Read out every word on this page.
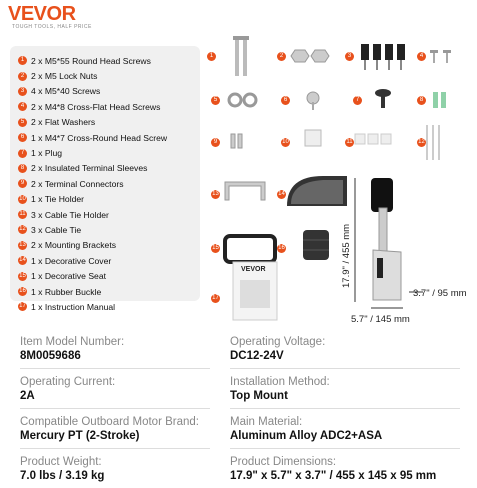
VEVOR
TOUGH TOOLS, HALF PRICE
1 2 x M5*55 Round Head Screws
2 2 x M5 Lock Nuts
3 4 x M5*40 Screws
4 2 x M4*8 Cross-Flat Head Screws
5 2 x Flat Washers
6 1 x M4*7 Cross-Round Head Screw
7 1 x Plug
8 2 x Insulated Terminal Sleeves
9 2 x Terminal Connectors
10 1 x Tie Holder
11 3 x Cable Tie Holder
12 3 x Cable Tie
13 2 x Mounting Brackets
14 1 x Decorative Cover
15 1 x Decorative Seat
16 1 x Rubber Buckle
17 1 x Instruction Manual
1	2	3	4
5	6	7	8
9	10	11	12
13	14
15	16
17
VEVOR	17.9" / 455 mm
3.7" / 95 mm
5.7" / 145 mm
Item Model Number:
8M0059686
Operating Voltage:
DC12-24V
Operating Current:
2A
Installation Method:
Top Mount
Compatible Outboard Motor Brand:
Mercury PT (2-Stroke)
Main Material:
Aluminum Alloy ADC2+ASA
Product Weight:
7.0 lbs / 3.19 kg
Product Dimensions:
17.9" x 5.7" x 3.7" / 455 x 145 x 95 mm
